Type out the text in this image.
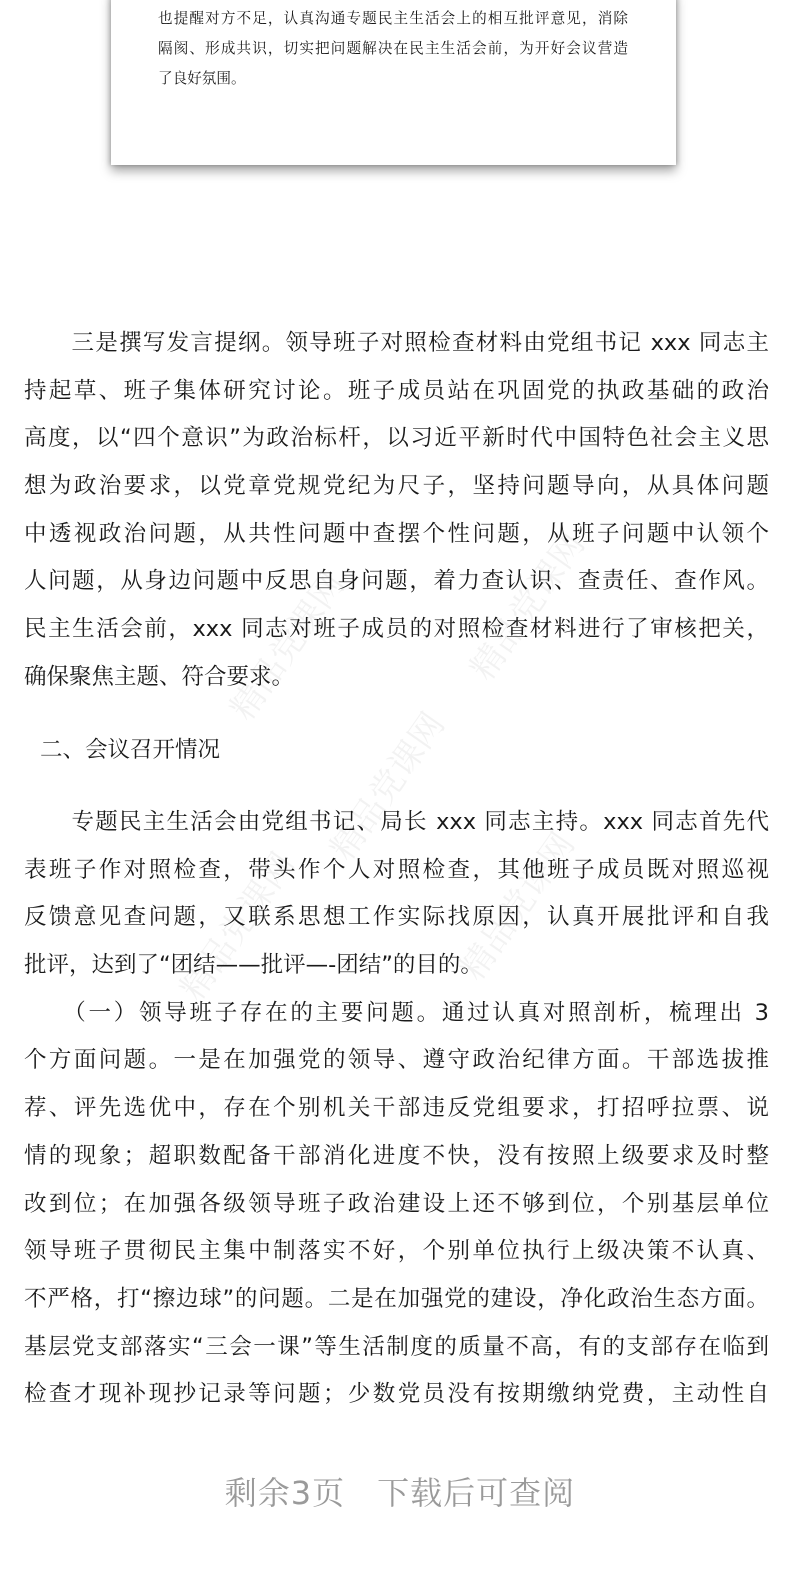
也提醒对方不足，认真沟通专题民主生活会上的相互批评意见，消除
隔阂、形成共识，切实把问题解决在民主生活会前，为开好会议营造
了良好氛围。
精品党课网	精品党课网
精品党课网
精品党课网	精品党课网
　　三是撰写发言提纲。领导班子对照检查材料由党组书记 xxx 同志主
持起草、班子集体研究讨论。班子成员站在巩固党的执政基础的政治
高度，以“四个意识”为政治标杆，以习近平新时代中国特色社会主义思
想为政治要求，以党章党规党纪为尺子，坚持问题导向，从具体问题
中透视政治问题，从共性问题中查摆个性问题，从班子问题中认领个
人问题，从身边问题中反思自身问题，着力查认识、查责任、查作风。
民主生活会前，xxx 同志对班子成员的对照检查材料进行了审核把关，
确保聚焦主题、符合要求。
二、会议召开情况
　　专题民主生活会由党组书记、局长 xxx 同志主持。xxx 同志首先代
表班子作对照检查，带头作个人对照检查，其他班子成员既对照巡视
反馈意见查问题，又联系思想工作实际找原因，认真开展批评和自我
批评，达到了“团结——批评—-团结”的目的。
　　（一）领导班子存在的主要问题。通过认真对照剖析，梳理出 3
个方面问题。一是在加强党的领导、遵守政治纪律方面。干部选拔推
荐、评先选优中，存在个别机关干部违反党组要求，打招呼拉票、说
情的现象；超职数配备干部消化进度不快，没有按照上级要求及时整
改到位；在加强各级领导班子政治建设上还不够到位，个别基层单位
领导班子贯彻民主集中制落实不好，个别单位执行上级决策不认真、
不严格，打“擦边球”的问题。二是在加强党的建设，净化政治生态方面。
基层党支部落实“三会一课”等生活制度的质量不高，有的支部存在临到
检查才现补现抄记录等问题；少数党员没有按期缴纳党费，主动性自
剩余3页 下载后可查阅
